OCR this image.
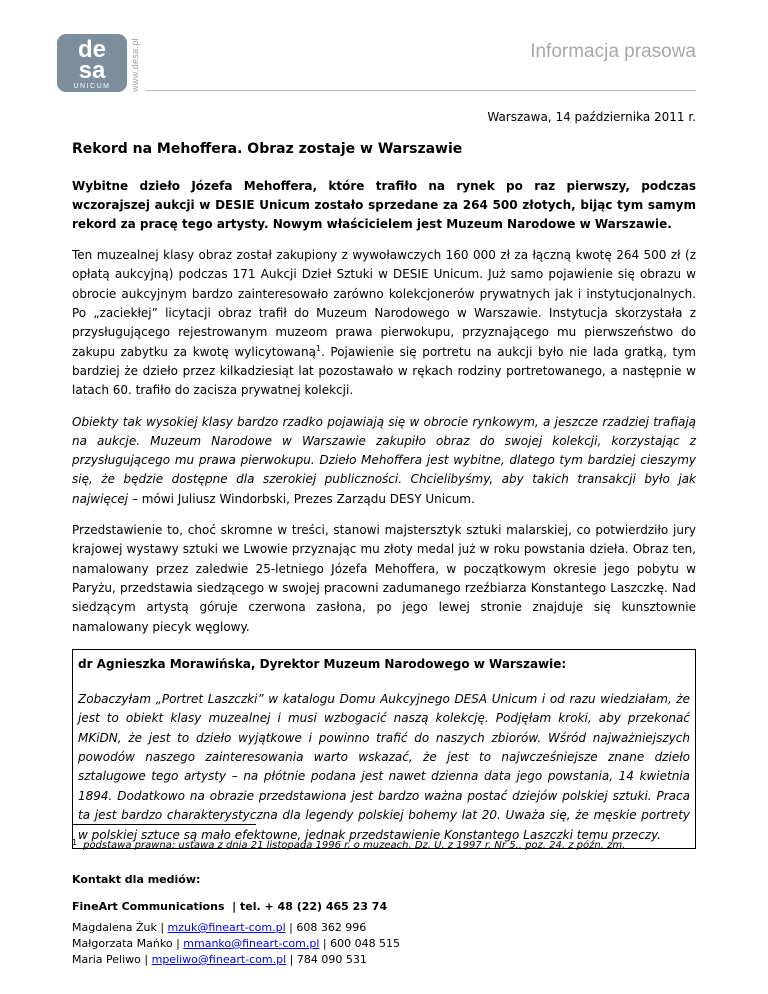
de
sa
UNICUM www.desa.pl	Informacja prasowa
Warszawa, 14 października 2011 r.
Rekord na Mehoffera. Obraz zostaje w Warszawie
Wybitne dzieło Józefa Mehoffera, które trafiło na rynek po raz pierwszy, podczas wczorajszej aukcji w DESIE Unicum zostało sprzedane za 264 500 złotych, bijąc tym samym rekord za pracę tego artysty. Nowym właścicielem jest Muzeum Narodowe w Warszawie.

Ten muzealnej klasy obraz został zakupiony z wywoławczych 160 000 zł za łączną kwotę 264 500 zł (z opłatą aukcyjną) podczas 171 Aukcji Dzieł Sztuki w DESIE Unicum. Już samo pojawienie się obrazu w obrocie aukcyjnym bardzo zainteresowało zarówno kolekcjonerów prywatnych jak i instytucjonalnych. Po „zaciekłej” licytacji obraz trafił do Muzeum Narodowego w Warszawie. Instytucja skorzystała z przysługującego rejestrowanym muzeom prawa pierwokupu, przyznającego mu pierwszeństwo do zakupu zabytku za kwotę wylicytowaną$^1$. Pojawienie się portretu na aukcji było nie lada gratką, tym bardziej że dzieło przez kilkadziesiąt lat pozostawało w rękach rodziny portretowanego, a następnie w latach 60. trafiło do zacisza prywatnej kolekcji.

Obiekty tak wysokiej klasy bardzo rzadko pojawiają się w obrocie rynkowym, a jeszcze rzadziej trafiają na aukcje. Muzeum Narodowe w Warszawie zakupiło obraz do swojej kolekcji, korzystając z przysługującego mu prawa pierwokupu. Dzieło Mehoffera jest wybitne, dlatego tym bardziej cieszymy się, że będzie dostępne dla szerokiej publiczności. Chcielibyśmy, aby takich transakcji było jak najwięcej – mówi Juliusz Windorbski, Prezes Zarządu DESY Unicum.

Przedstawienie to, choć skromne w treści, stanowi majstersztyk sztuki malarskiej, co potwierdziło jury krajowej wystawy sztuki we Lwowie przyznając mu złoty medal już w roku powstania dzieła. Obraz ten, namalowany przez zaledwie 25-letniego Józefa Mehoffera, w początkowym okresie jego pobytu w Paryżu, przedstawia siedzącego w swojej pracowni zadumanego rzeźbiarza Konstantego Laszczkę. Nad siedzącym artystą góruje czerwona zasłona, po jego lewej stronie znajduje się kunsztownie namalowany piecyk węglowy.

dr Agnieszka Morawińska, Dyrektor Muzeum Narodowego w Warszawie:
Zobaczyłam „Portret Laszczki” w katalogu Domu Aukcyjnego DESA Unicum i od razu wiedziałam, że jest to obiekt klasy muzealnej i musi wzbogacić naszą kolekcję. Podjęłam kroki, aby przekonać MKiDN, że jest to dzieło wyjątkowe i powinno trafić do naszych zbiorów. Wśród najważniejszych powodów naszego zainteresowania warto wskazać, że jest to najwcześniejsze znane dzieło sztalugowe tego artysty – na płótnie podana jest nawet dzienna data jego powstania, 14 kwietnia 1894. Dodatkowo na obrazie przedstawiona jest bardzo ważna postać dziejów polskiej sztuki. Praca ta jest bardzo charakterystyczna dla legendy polskiej bohemy lat 20. Uważa się, że męskie portrety w polskiej sztuce są mało efektowne, jednak przedstawienie Konstantego Laszczki temu przeczy.
$^1$ podstawa prawna: ustawa z dnia 21 listopada 1996 r. o muzeach, Dz. U. z 1997 r. Nr 5., poz. 24, z późn. zm.
Kontakt dla mediów:
FineArt Communications  | tel. + 48 (22) 465 23 74
Magdalena Żuk | mzuk@fineart-com.pl | 608 362 996
Małgorzata Mańko | mmanko@fineart-com.pl | 600 048 515
Maria Peliwo | mpeliwo@fineart-com.pl | 784 090 531
